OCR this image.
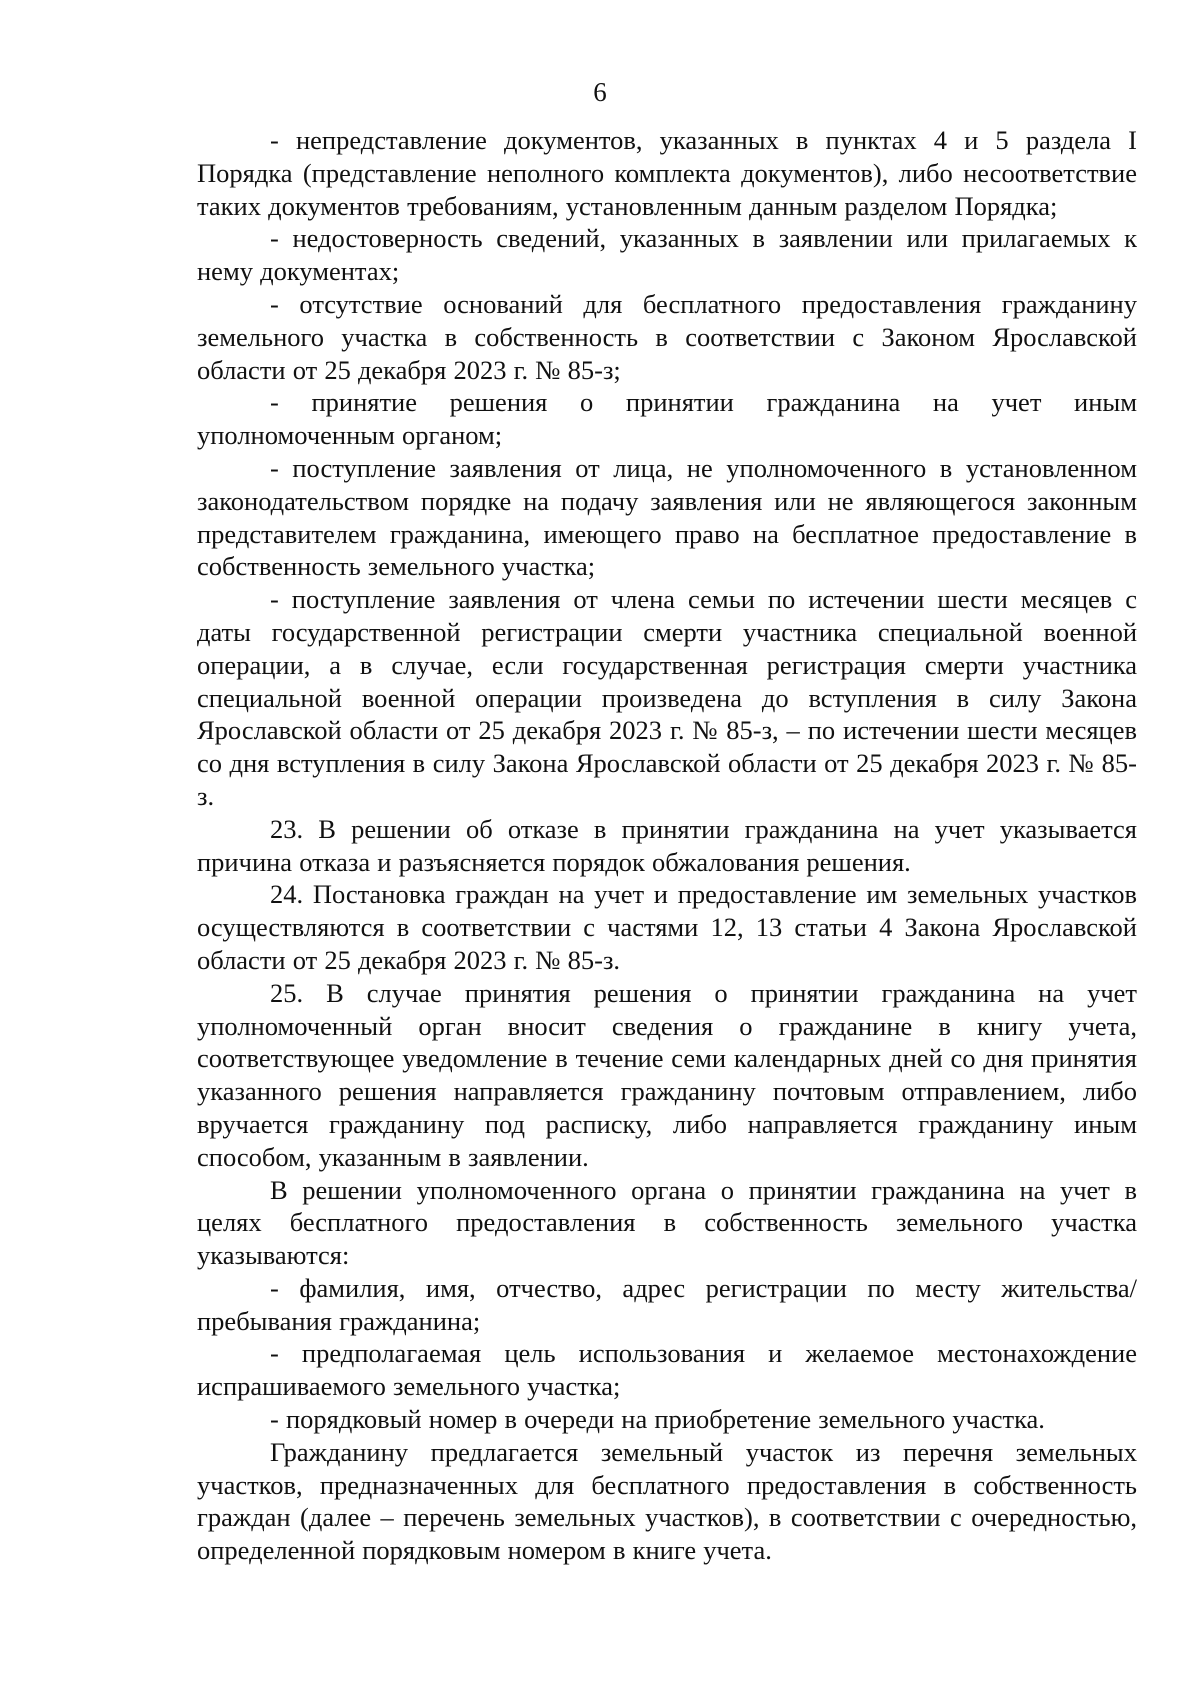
6

- непредставление документов, указанных в пунктах 4 и 5 раздела I Порядка (представление неполного комплекта документов), либо несоответствие таких документов требованиям, установленным данным разделом Порядка;

- недостоверность сведений, указанных в заявлении или прилагаемых к нему документах;

- отсутствие оснований для бесплатного предоставления гражданину земельного участка в собственность в соответствии с Законом Ярославской области от 25 декабря 2023 г. № 85-з;

- принятие решения о принятии гражданина на учет иным уполномоченным органом;

- поступление заявления от лица, не уполномоченного в установленном законодательством порядке на подачу заявления или не являющегося законным представителем гражданина, имеющего право на бесплатное предоставление в собственность земельного участка;

- поступление заявления от члена семьи по истечении шести месяцев с даты государственной регистрации смерти участника специальной военной операции, а в случае, если государственная регистрация смерти участника специальной военной операции произведена до вступления в силу Закона Ярославской области от 25 декабря 2023 г. № 85-з, – по истечении шести месяцев со дня вступления в силу Закона Ярославской области от 25 декабря 2023 г. № 85-з.

23. В решении об отказе в принятии гражданина на учет указывается причина отказа и разъясняется порядок обжалования решения.

24. Постановка граждан на учет и предоставление им земельных участков осуществляются в соответствии с частями 12, 13 статьи 4 Закона Ярославской области от 25 декабря 2023 г. № 85-з.

25. В случае принятия решения о принятии гражданина на учет уполномоченный орган вносит сведения о гражданине в книгу учета, соответствующее уведомление в течение семи календарных дней со дня принятия указанного решения направляется гражданину почтовым отправлением, либо вручается гражданину под расписку, либо направляется гражданину иным способом, указанным в заявлении.

В решении уполномоченного органа о принятии гражданина на учет в целях бесплатного предоставления в собственность земельного участка указываются:

- фамилия, имя, отчество, адрес регистрации по месту жительства/пребывания гражданина;

- предполагаемая цель использования и желаемое местонахождение испрашиваемого земельного участка;

- порядковый номер в очереди на приобретение земельного участка.

Гражданину предлагается земельный участок из перечня земельных участков, предназначенных для бесплатного предоставления в собственность граждан (далее – перечень земельных участков), в соответствии с очередностью, определенной порядковым номером в книге учета.
